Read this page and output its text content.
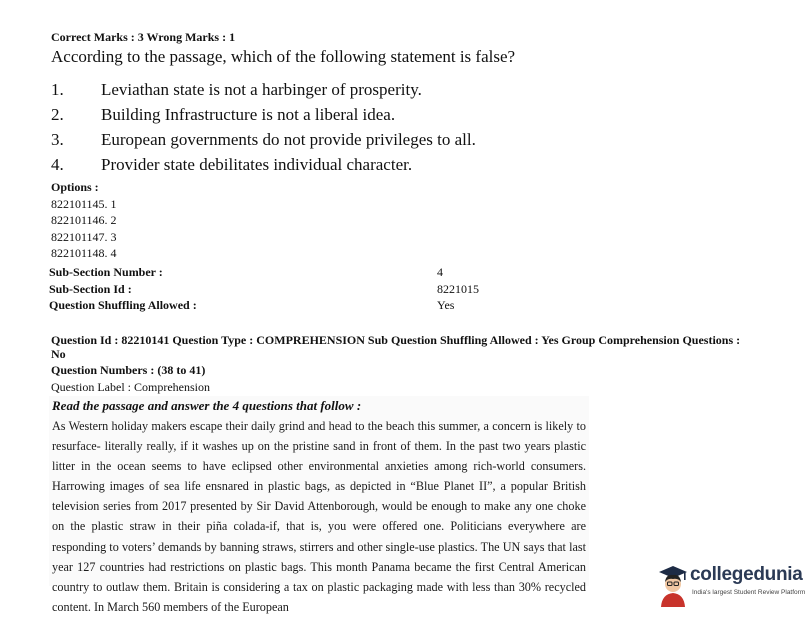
Correct Marks : 3 Wrong Marks : 1
According to the passage, which of the following statement is false?
1. Leviathan state is not a harbinger of prosperity.
2. Building Infrastructure is not a liberal idea.
3. European governments do not provide privileges to all.
4. Provider state debilitates individual character.
Options :
822101145. 1
822101146. 2
822101147. 3
822101148. 4
Sub-Section Number :	4
Sub-Section Id :	8221015
Question Shuffling Allowed :	Yes
Question Id : 82210141 Question Type : COMPREHENSION Sub Question Shuffling Allowed : Yes Group Comprehension Questions : No
Question Numbers : (38 to 41)
Question Label : Comprehension
Read the passage and answer the 4 questions that follow :
As Western holiday makers escape their daily grind and head to the beach this summer, a concern is likely to resurface- literally really, if it washes up on the pristine sand in front of them. In the past two years plastic litter in the ocean seems to have eclipsed other environmental anxieties among rich-world consumers. Harrowing images of sea life ensnared in plastic bags, as depicted in “Blue Planet II”, a popular British television series from 2017 presented by Sir David Attenborough, would be enough to make any one choke on the plastic straw in their piña colada-if, that is, you were offered one. Politicians everywhere are responding to voters’ demands by banning straws, stirrers and other single-use plastics. The UN says that last year 127 countries had restrictions on plastic bags. This month Panama became the first Central American country to outlaw them. Britain is considering a tax on plastic packaging made with less than 30% recycled content. In March 560 members of the European
collegedunia
India's largest Student Review Platform
